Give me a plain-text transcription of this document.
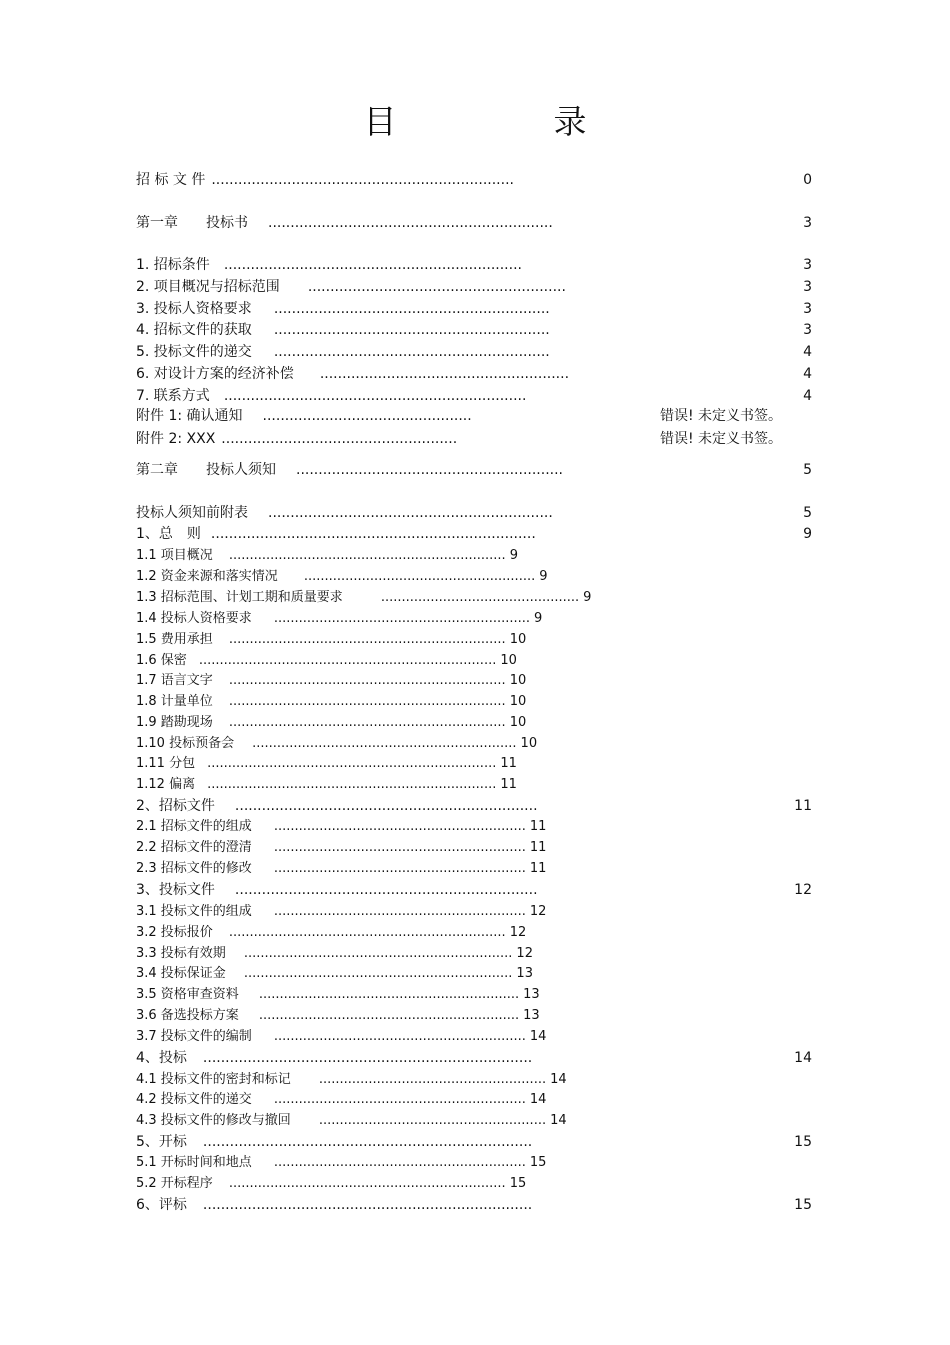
目　录
招 标 文 件 ....................................................................	0
第一章　　投标书 ................................................................	3
1. 招标条件 ...................................................................	3
2. 项目概况与招标范围 ..........................................................	3
3. 投标人资格要求 ..............................................................	3
4. 招标文件的获取 ..............................................................	3
5. 投标文件的递交 ..............................................................	4
6. 对设计方案的经济补偿 ........................................................	4
7. 联系方式 ....................................................................	4
附件 1: 确认通知 ...............................................	错误! 未定义书签。
附件 2: XXX .....................................................	错误! 未定义书签。
第二章　　投标人须知 ............................................................	5
投标人须知前附表 ................................................................	5
1、总　则 .........................................................................	9
1.1 项目概况 ................................................................... 9
1.2 资金来源和落实情况 ........................................................ 9
1.3 招标范围、计划工期和质量要求	................................................ 9
1.4 投标人资格要求 .............................................................. 9
1.5 费用承担 ................................................................... 10
1.6 保密 ........................................................................ 10
1.7 语言文字 ................................................................... 10
1.8 计量单位 ................................................................... 10
1.9 踏勘现场 ................................................................... 10
1.10 投标预备会 ................................................................ 10
1.11 分包 ...................................................................... 11
1.12 偏离 ...................................................................... 11
2、招标文件 ....................................................................	11
2.1 招标文件的组成 ............................................................. 11
2.2 招标文件的澄清 ............................................................. 11
2.3 招标文件的修改 ............................................................. 11
3、投标文件 ....................................................................	12
3.1 投标文件的组成 ............................................................. 12
3.2 投标报价 ................................................................... 12
3.3 投标有效期 ................................................................. 12
3.4 投标保证金 ................................................................. 13
3.5 资格审查资料 ............................................................... 13
3.6 备选投标方案 ............................................................... 13
3.7 投标文件的编制 ............................................................. 14
4、投标 ..........................................................................	14
4.1 投标文件的密封和标记 ....................................................... 14
4.2 投标文件的递交 ............................................................. 14
4.3 投标文件的修改与撤回 ....................................................... 14
5、开标 ..........................................................................	15
5.1 开标时间和地点 ............................................................. 15
5.2 开标程序 ................................................................... 15
6、评标 ..........................................................................	15
